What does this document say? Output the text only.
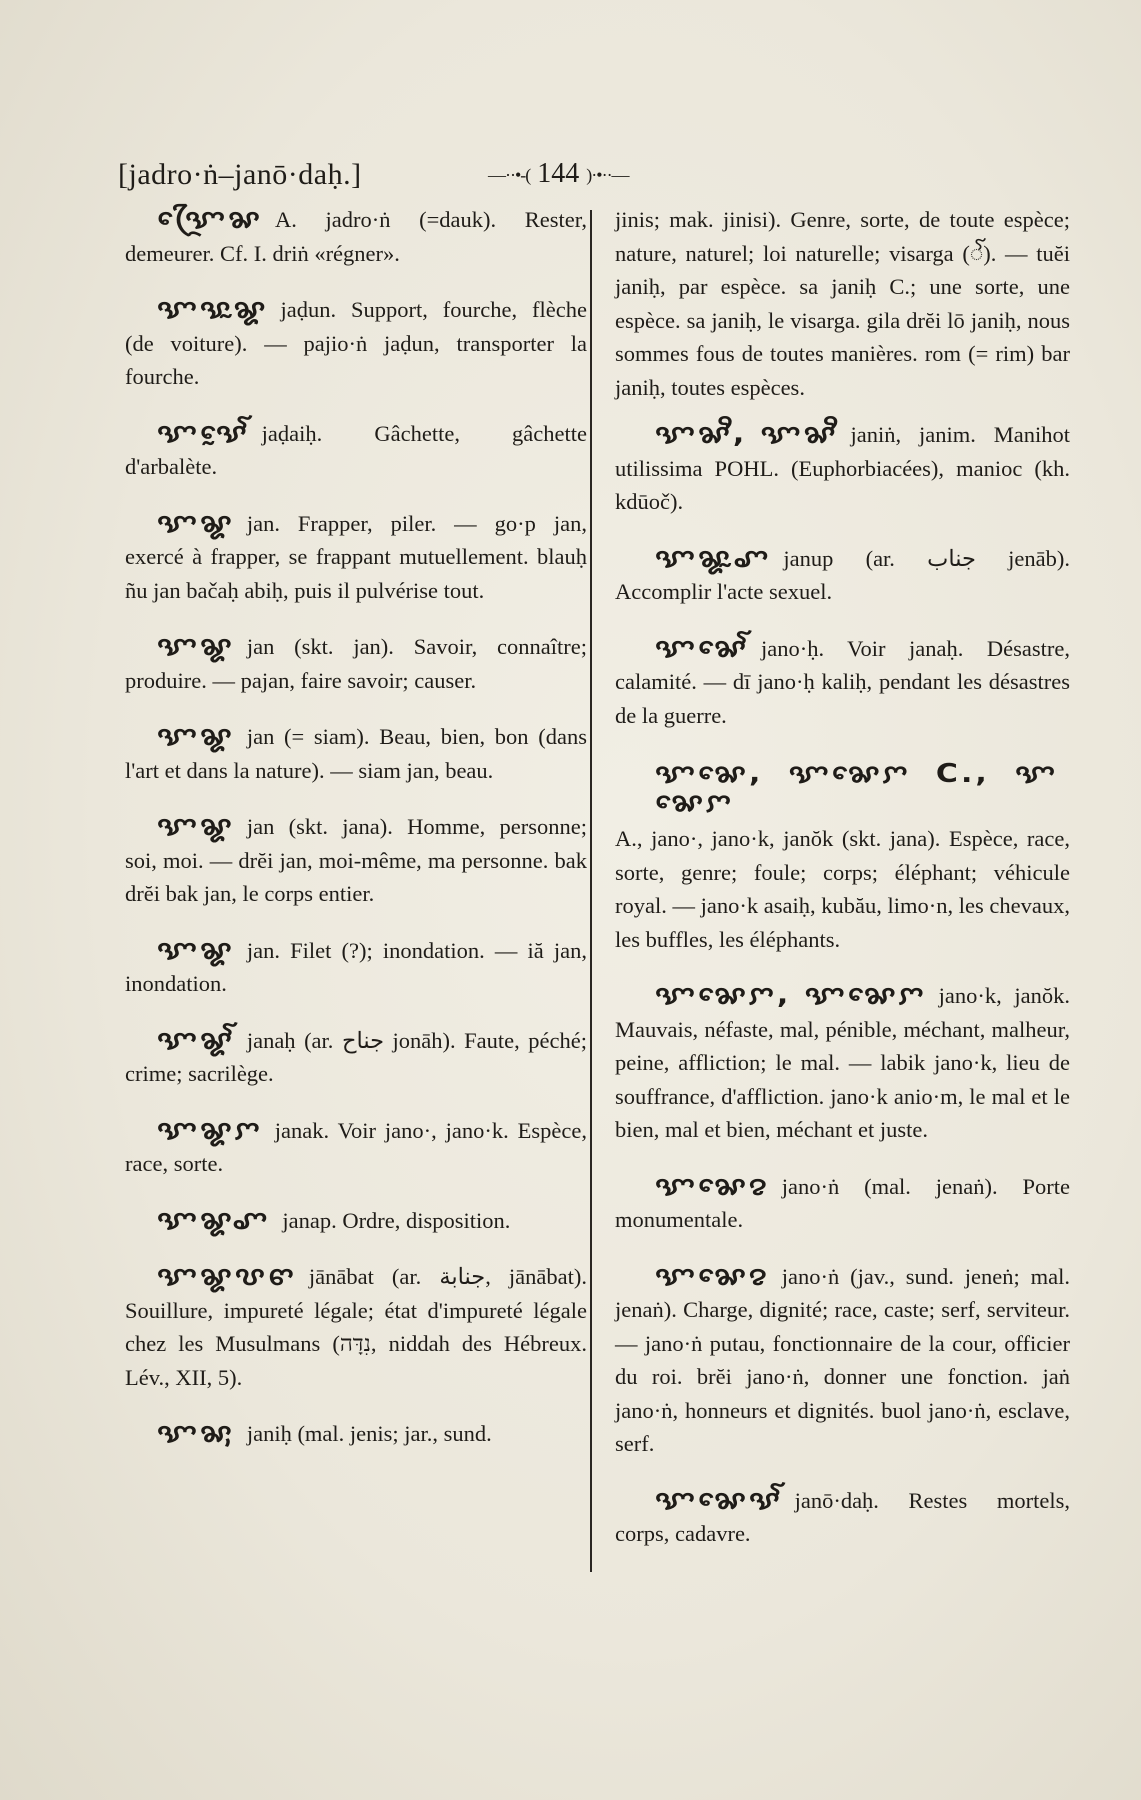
[jadro·ṅ–janō·daḥ.]	—··•-( 144 )·•··—

ꨎꨴꨯꨗ A. jadro·ṅ (=dauk). Rester, demeurer. Cf. I. driṅ «régner».

ꨎꨕꨭꨘ jaḍun. Support, fourche, flèche (de voiture). — pajio·ṅ jaḍun, transporter la fourche.

ꨎꨕꨰꨱ jaḍaiḥ. Gâchette, gâchette d'arbalète.

ꨎꨘ jan. Frapper, piler. — go·p jan, exercé à frapper, se frappant mutuellement. blauḥ ñu jan bačaḥ abiḥ, puis il pulvérise tout.

ꨎꨘ jan (skt. jan). Savoir, connaître; produire. — pajan, faire savoir; causer.

ꨎꨘ jan (= siam). Beau, bien, bon (dans l'art et dans la nature). — siam jan, beau.

ꨎꨘ jan (skt. jana). Homme, personne; soi, moi. — drĕi jan, moi-même, ma personne. bak drĕi bak jan, le corps entier.

ꨎꨘ jan. Filet (?); inondation. — iă jan, inondation.

ꨎꨘꨱ janaḥ (ar. جناح jonāh). Faute, péché; crime; sacrilège.

ꨎꨘꨆ janak. Voir jano·, jano·k. Espèce, race, sorte.

ꨎꨘꨚ janap. Ordre, disposition.

ꨎꨘꨝꨓ jānābat (ar. جنابة, jānābat). Souillure, impureté légale; état d'impureté légale chez les Musulmans (נִדָּה, niddah des Hébreux. Lév., XII, 5).

ꨎꨗꨲ janiḥ (mal. jenis; jar., sund.

jinis; mak. jinisi). Genre, sorte, de toute espèce; nature, naturel; loi naturelle; visarga (ꨱ). — tuĕi janiḥ, par espèce. sa janiḥ C.; une sorte, une espèce. sa janiḥ, le visarga. gila drĕi lō janiḥ, nous sommes fous de toutes manières. rom (= rim) bar janiḥ, toutes espèces.

ꨎꨗꨪ, ꨎꨗꨪ janiṅ, janim. Manihot utilissima POHL. (Euphorbiacées), manioc (kh. kdūoč).

ꨎꨘꨭꨚ janup (ar. جناب jenāb). Accomplir l'acte sexuel.

ꨎꨗꨯꨱ jano·ḥ. Voir janaḥ. Désastre, calamité. — dī jano·ḥ kaliḥ, pendant les désastres de la guerre.

ꨎꨗꨯ, ꨎꨗꨯꨆ C., ꨎꨗꨯꨆA., jano·, jano·k, janŏk (skt. jana). Espèce, race, sorte, genre; foule; corps; éléphant; véhicule royal. — jano·k asaiḥ, kubău, limo·n, les chevaux, les buffles, les éléphants.

ꨎꨗꨯꨆ, ꨎꨗꨯꨆ jano·k, janŏk. Mauvais, néfaste, mal, pénible, méchant, malheur, peine, affliction; le mal. — labik jano·k, lieu de souffrance, d'affliction. jano·k anio·m, le mal et le bien, mal et bien, méchant et juste.

ꨎꨗꨯꨂ jano·ṅ (mal. jenaṅ). Porte monumentale.

ꨎꨗꨯꨂ jano·ṅ (jav., sund. jeneṅ; mal. jenaṅ). Charge, dignité; race, caste; serf, serviteur. — jano·ṅ putau, fonctionnaire de la cour, officier du roi. brĕi jano·ṅ, donner une fonction. jaṅ jano·ṅ, honneurs et dignités. buol jano·ṅ, esclave, serf.

ꨎꨗꨯꨕꨱ janō·daḥ. Restes mortels, corps, cadavre.
